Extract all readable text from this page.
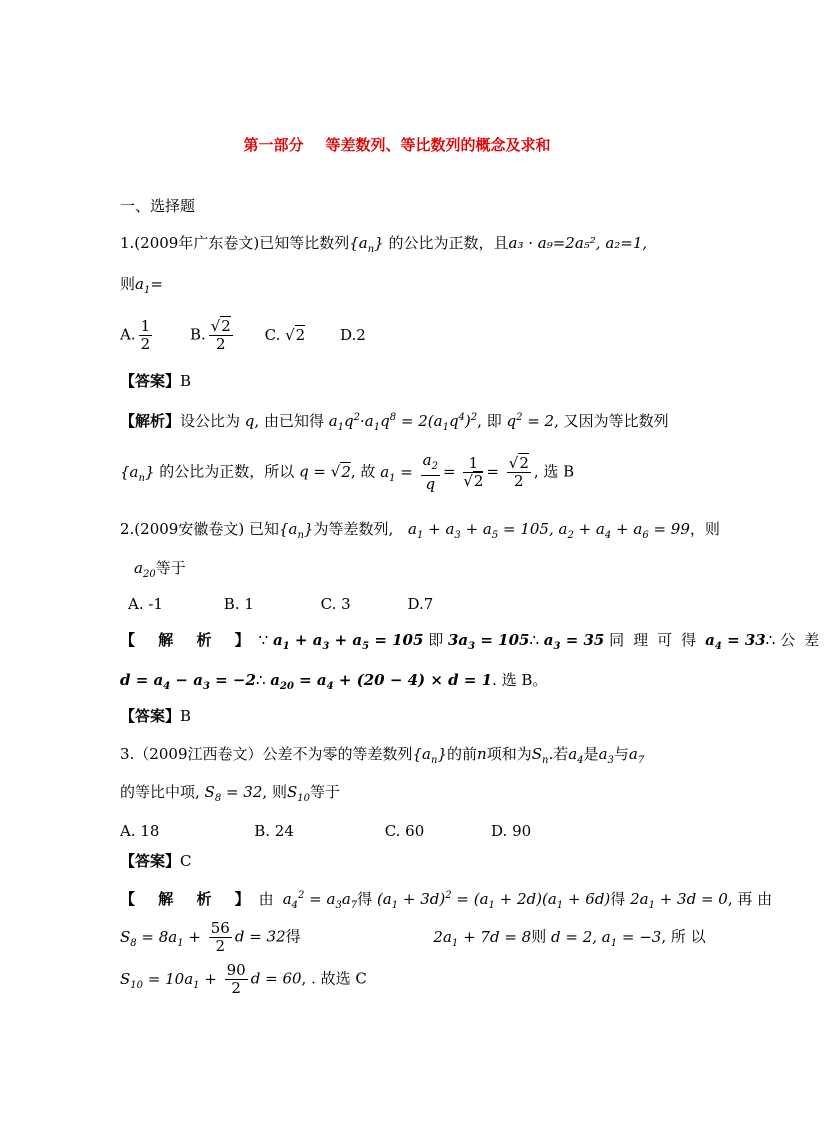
第一部分 等差数列、等比数列的概念及求和
一、选择题
1.(2009年广东卷文)已知等比数列$\{a_n\}$ 的公比为正数，且a₃ · a₉=2a₅², a₂=1,
则$a_1=$
A. $\frac{1}{2}$	B. $\frac{√2}{2} C$. √2 D.2
【答案】B
【解析】设公比为 q, 由已知得 $a_1q^2\cdot a_1q^8 = 2(a_1q^4)^2$, 即 $q^2 = 2$, 又因为等比数列
$\{a_n\}$ 的公比为正数，所以 q = √2, 故 $a_1 = \frac{a_2}{q} = \frac{1}{√2} = \frac{√2}{2}$ , 选 B
2.(2009安徽卷文) 已知$\{a_n\}$为等差数列, $a_1 + a_3 + a_5 = 105$, $a_2 + a_4 + a_6 = 99$，则
$a_{20}$等于
A. -1	B. 1	C. 3	D.7
【 解 析 】∵ $a_1 + a_3 + a_5 = 105$ 即 $3a_3$ = 105∴ $a_3 = 35$ 同理可得$a_4$ = 33∴ 公差
$d = a_4 - a_3$ = −2∴ $a_{20} = a_4 + (20 - 4) \times d = 1$. 选 B。
【答案】B
3.（2009江西卷文）公差不为零的等差数列$\{a_n\}$的前n项和为$S_n$.若$a_4$是$a_3$与$a_7$
的等比中项, $S_8 = 32$, 则$S_{10}$等于
A. 18	B. 24	C. 60	D. 90
【答案】C
【 解 析 】由$a_4^2 = a_3a_7$得 $(a_1 + 3d)^2 = (a_1 + 2d)(a_1 + 6d)$得 $2a_1 + 3d = 0$, 再 由
$S_8 = 8a_1 + \frac{56}{2}$ d = 32得	$2a_1 + 7d = 8$则 d = 2, $a_1 = -3$, 所 以
$S_{10} = 10a_1 + \frac{90}{2}$ d = 60, . 故选 C
